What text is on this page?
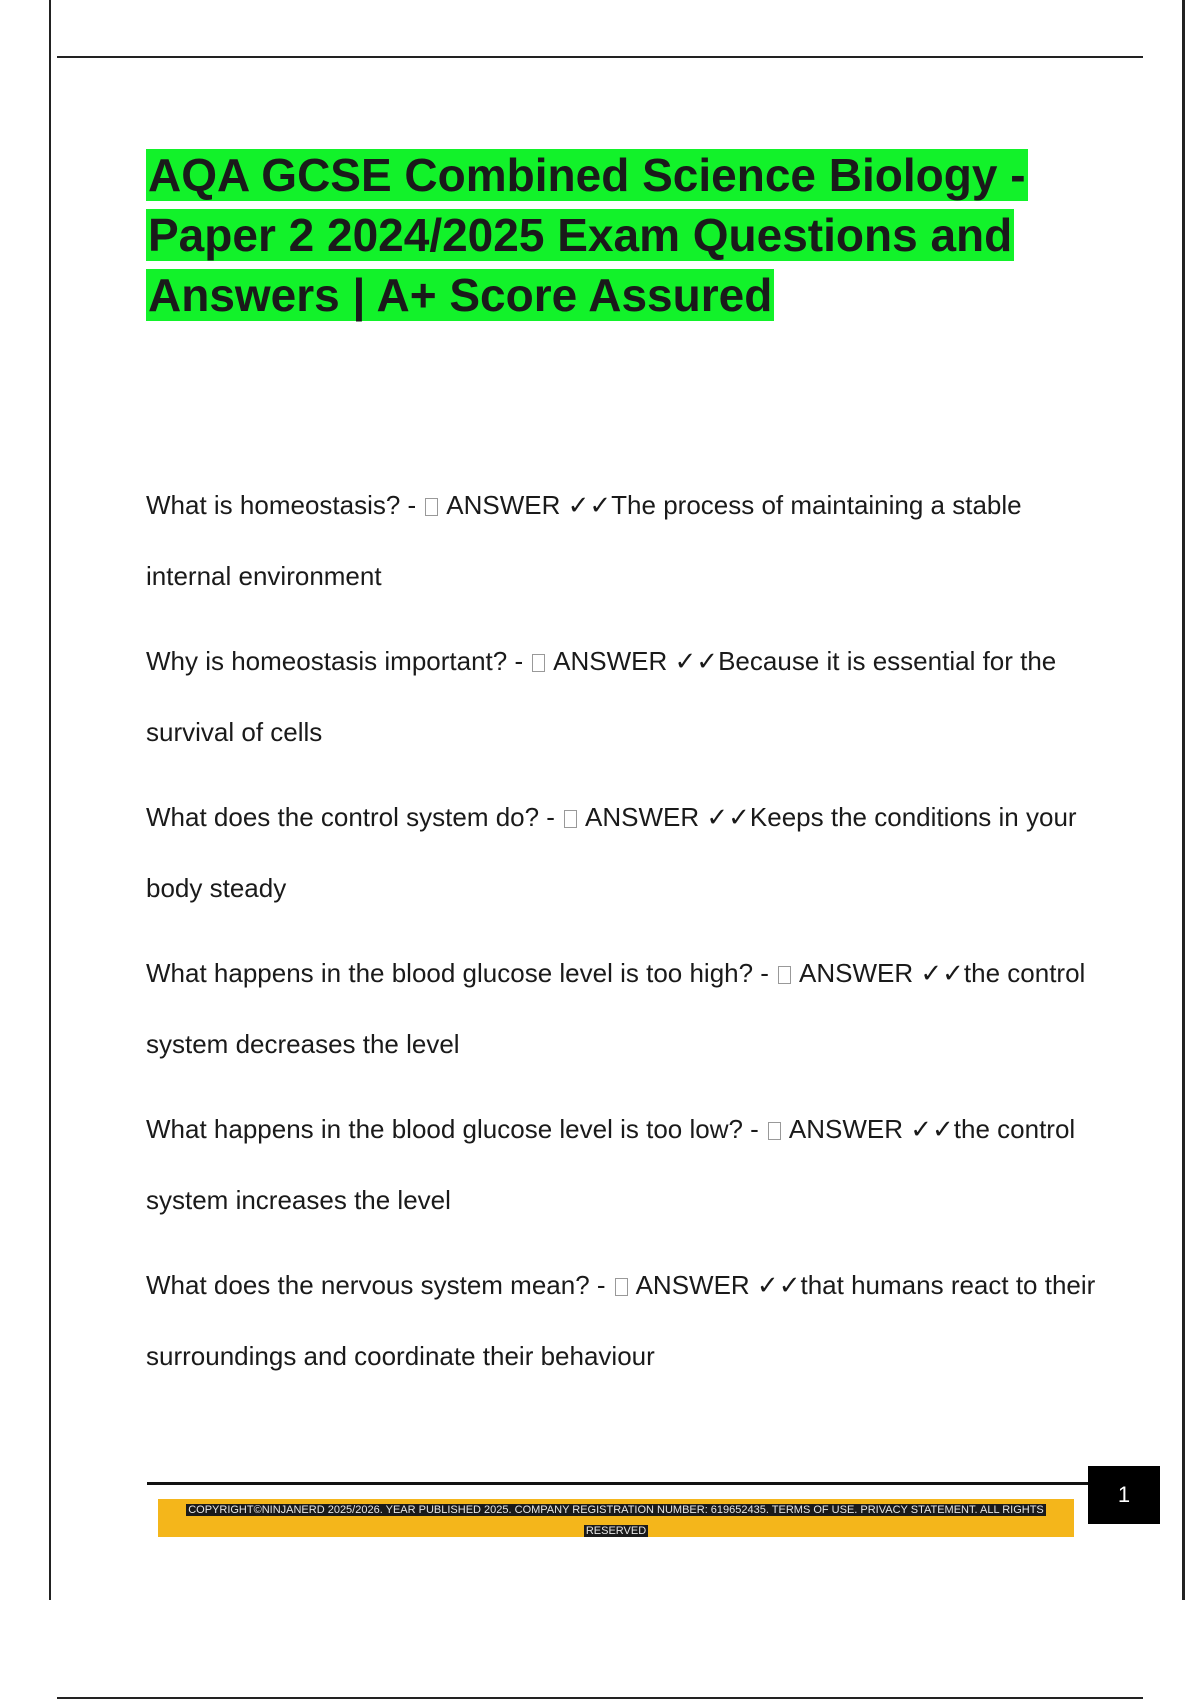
AQA GCSE Combined Science Biology - Paper 2 2024/2025 Exam Questions and Answers | A+ Score Assured
What is homeostasis? - ANSWER ✓✓The process of maintaining a stable internal environment
Why is homeostasis important? - ANSWER ✓✓Because it is essential for the survival of cells
What does the control system do? - ANSWER ✓✓Keeps the conditions in your body steady
What happens in the blood glucose level is too high? - ANSWER ✓✓the control system decreases the level
What happens in the blood glucose level is too low? - ANSWER ✓✓the control system increases the level
What does the nervous system mean? - ANSWER ✓✓that humans react to their surroundings and coordinate their behaviour
1
COPYRIGHT©NINJANERD 2025/2026. YEAR PUBLISHED 2025. COMPANY REGISTRATION NUMBER: 619652435. TERMS OF USE. PRIVACY STATEMENT. ALL RIGHTS RESERVED
